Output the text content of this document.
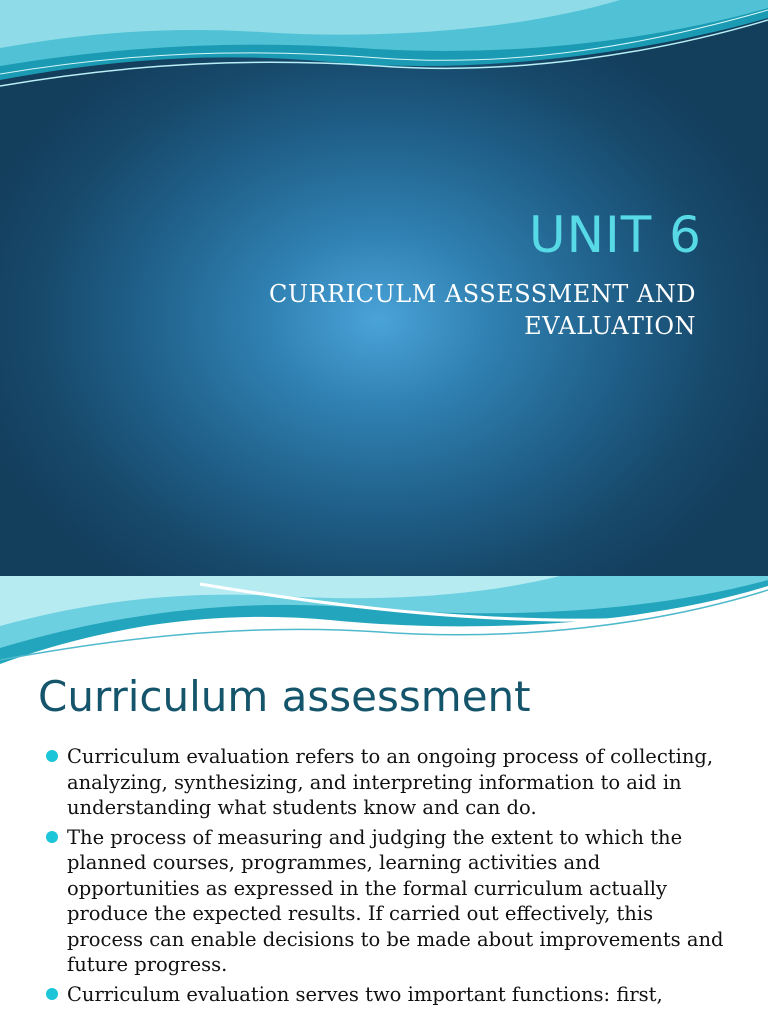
UNIT 6

CURRICULM ASSESSMENT AND EVALUATION

Curriculum assessment
Curriculum evaluation refers to an ongoing process of collecting, analyzing, synthesizing, and interpreting information to aid in understanding what students know and can do.
The process of measuring and judging the extent to which the planned courses, programmes, learning activities and opportunities as expressed in the formal curriculum actually produce the expected results. If carried out effectively, this process can enable decisions to be made about improvements and future progress.
Curriculum evaluation serves two important functions: first,
